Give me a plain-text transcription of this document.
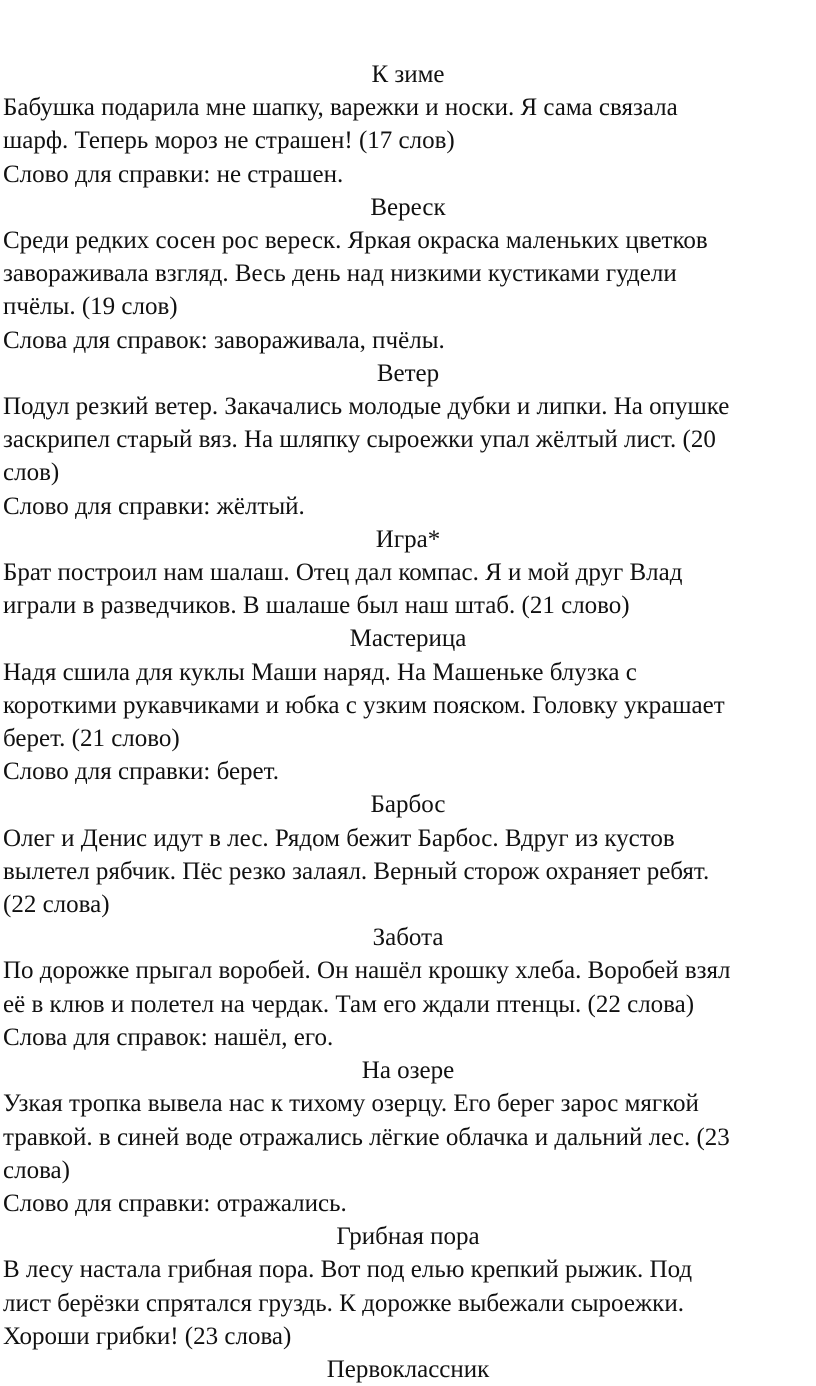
К зиме
Бабушка подарила мне шапку, варежки и носки. Я сама связала
шарф. Теперь мороз не страшен! (17 слов)
Слово для справки: не страшен.
Вереск
Среди редких сосен рос вереск. Яркая окраска маленьких цветков
завораживала взгляд. Весь день над низкими кустиками гудели
пчёлы. (19 слов)
Слова для справок: завораживала, пчёлы.
Ветер
Подул резкий ветер. Закачались молодые дубки и липки. На опушке
заскрипел старый вяз. На шляпку сыроежки упал жёлтый лист. (20
слов)
Слово для справки: жёлтый.
Игра*
Брат построил нам шалаш. Отец дал компас. Я и мой друг Влад
играли в разведчиков. В шалаше был наш штаб. (21 слово)
Мастерица
Надя сшила для куклы Маши наряд. На Машеньке блузка с
короткими рукавчиками и юбка с узким пояском. Головку украшает
берет. (21 слово)
Слово для справки: берет.
Барбос
Олег и Денис идут в лес. Рядом бежит Барбос. Вдруг из кустов
вылетел рябчик. Пёс резко залаял. Верный сторож охраняет ребят.
(22 слова)
Забота
По дорожке прыгал воробей. Он нашёл крошку хлеба. Воробей взял
её в клюв и полетел на чердак. Там его ждали птенцы. (22 слова)
Слова для справок: нашёл, его.
На озере
Узкая тропка вывела нас к тихому озерцу. Его берег зарос мягкой
травкой. в синей воде отражались лёгкие облачка и дальний лес. (23
слова)
Слово для справки: отражались.
Грибная пора
В лесу настала грибная пора. Вот под елью крепкий рыжик. Под
лист берёзки спрятался груздь. К дорожке выбежали сыроежки.
Хороши грибки! (23 слова)
Первоклассник
